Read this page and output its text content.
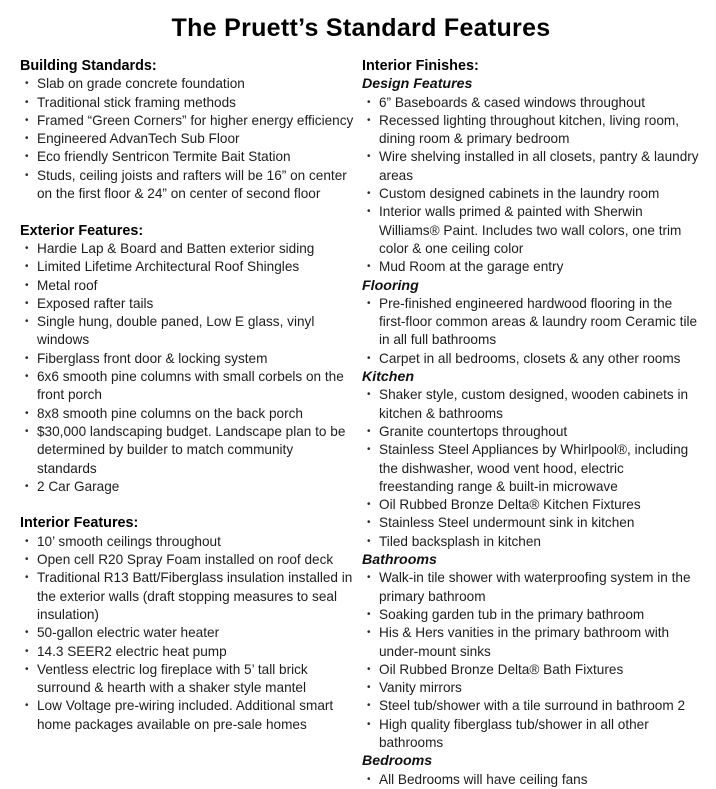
The Pruett’s Standard Features
Building Standards:
• Slab on grade concrete foundation
• Traditional stick framing methods
• Framed “Green Corners” for higher energy efficiency
• Engineered AdvanTech Sub Floor
• Eco friendly Sentricon Termite Bait Station
• Studs, ceiling joists and rafters will be 16” on center on the first floor & 24” on center of second floor
Exterior Features:
• Hardie Lap & Board and Batten exterior siding
• Limited Lifetime Architectural Roof Shingles
• Metal roof
• Exposed rafter tails
• Single hung, double paned, Low E glass, vinyl windows
• Fiberglass front door & locking system
• 6x6 smooth pine columns with small corbels on the front porch
• 8x8 smooth pine columns on the back porch
• $30,000 landscaping budget. Landscape plan to be determined by builder to match community standards
• 2 Car Garage
Interior Features:
• 10’ smooth ceilings throughout
• Open cell R20 Spray Foam installed on roof deck
• Traditional R13 Batt/Fiberglass insulation installed in the exterior walls (draft stopping measures to seal insulation)
• 50-gallon electric water heater
• 14.3 SEER2 electric heat pump
• Ventless electric log fireplace with 5’ tall brick surround & hearth with a shaker style mantel
• Low Voltage pre-wiring included. Additional smart home packages available on pre-sale homes
Interior Finishes:
Design Features
• 6” Baseboards & cased windows throughout
• Recessed lighting throughout kitchen, living room, dining room & primary bedroom
• Wire shelving installed in all closets, pantry & laundry areas
• Custom designed cabinets in the laundry room
• Interior walls primed & painted with Sherwin Williams® Paint. Includes two wall colors, one trim color & one ceiling color
• Mud Room at the garage entry
Flooring
• Pre-finished engineered hardwood flooring in the first-floor common areas & laundry room Ceramic tile in all full bathrooms
• Carpet in all bedrooms, closets & any other rooms
Kitchen
• Shaker style, custom designed, wooden cabinets in kitchen & bathrooms
• Granite countertops throughout
• Stainless Steel Appliances by Whirlpool®, including the dishwasher, wood vent hood, electric freestanding range & built-in microwave
• Oil Rubbed Bronze Delta® Kitchen Fixtures
• Stainless Steel undermount sink in kitchen
• Tiled backsplash in kitchen
Bathrooms
• Walk-in tile shower with waterproofing system in the primary bathroom
• Soaking garden tub in the primary bathroom
• His & Hers vanities in the primary bathroom with under-mount sinks
• Oil Rubbed Bronze Delta® Bath Fixtures
• Vanity mirrors
• Steel tub/shower with a tile surround in bathroom 2
• High quality fiberglass tub/shower in all other bathrooms
Bedrooms
• All Bedrooms will have ceiling fans
